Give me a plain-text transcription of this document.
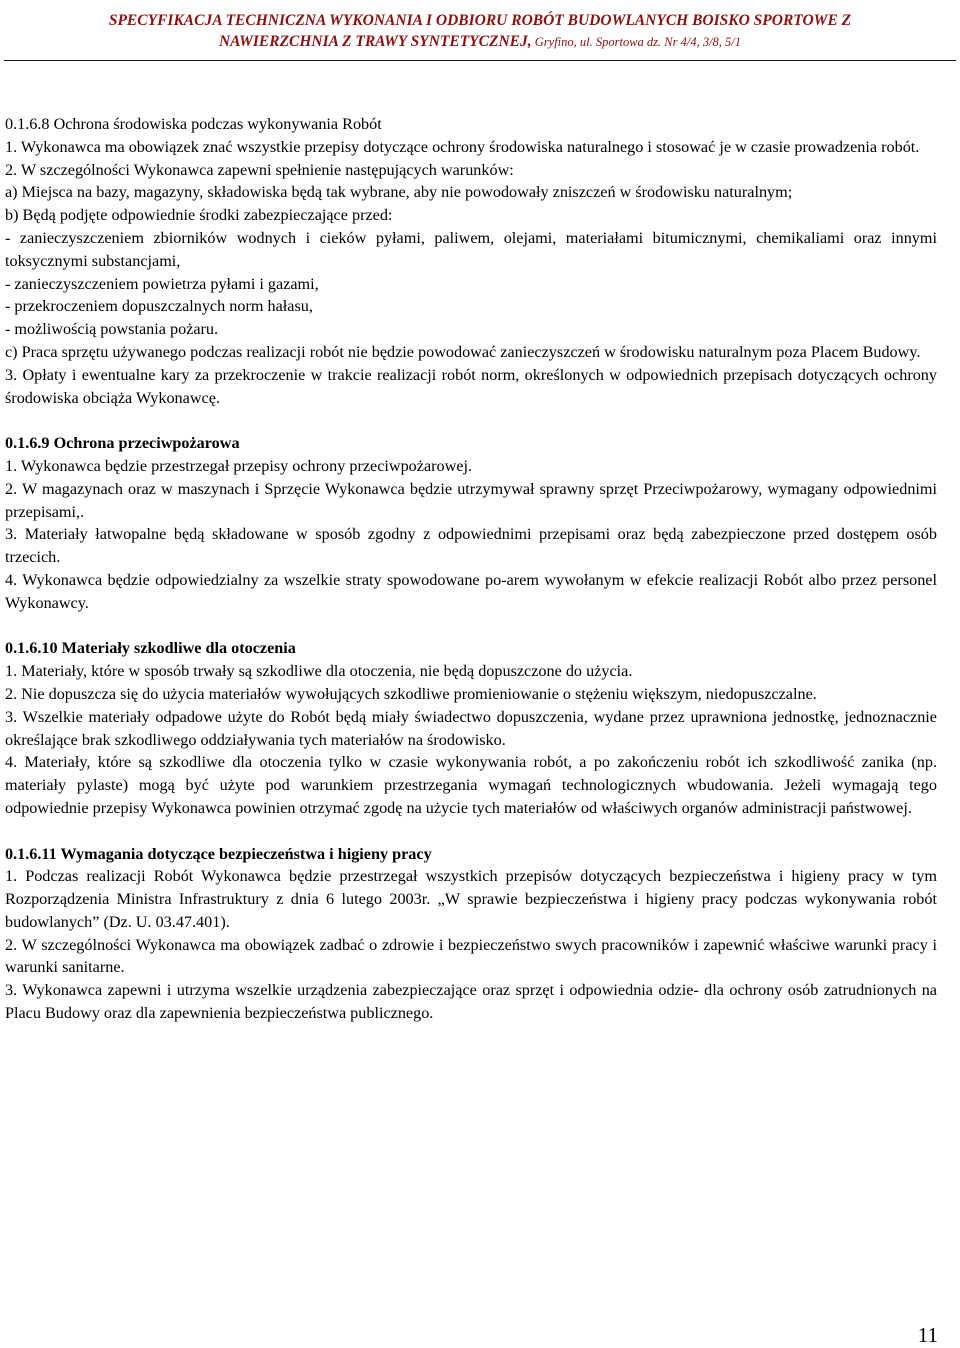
SPECYFIKACJA TECHNICZNA WYKONANIA I ODBIORU ROBÓT BUDOWLANYCH BOISKO SPORTOWE Z
NAWIERZCHNIA Z TRAWY SYNTETYCZNEJ, Gryfino, ul. Sportowa dz. Nr 4/4, 3/8, 5/1
0.1.6.8 Ochrona środowiska podczas wykonywania Robót

1. Wykonawca ma obowiązek znać wszystkie przepisy dotyczące ochrony środowiska naturalnego i stosować je w czasie prowadzenia robót.

2. W szczególności Wykonawca zapewni spełnienie następujących warunków:

a) Miejsca na bazy, magazyny, składowiska będą tak wybrane, aby nie powodowały zniszczeń w środowisku naturalnym;

b) Będą podjęte odpowiednie środki zabezpieczające przed:

- zanieczyszczeniem zbiorników wodnych i cieków pyłami, paliwem, olejami, materiałami bitumicznymi, chemikaliami oraz innymi toksycznymi substancjami,

- zanieczyszczeniem powietrza pyłami i gazami,

- przekroczeniem dopuszczalnych norm hałasu,

- możliwością powstania pożaru.

c) Praca sprzętu używanego podczas realizacji robót nie będzie powodować zanieczyszczeń w środowisku naturalnym poza Placem Budowy.

3. Opłaty i ewentualne kary za przekroczenie w trakcie realizacji robót norm, określonych w odpowiednich przepisach dotyczących ochrony środowiska obciąża Wykonawcę.

0.1.6.9 Ochrona przeciwpożarowa

1. Wykonawca będzie przestrzegał przepisy ochrony przeciwpożarowej.

2. W magazynach oraz w maszynach i Sprzęcie Wykonawca będzie utrzymywał sprawny sprzęt Przeciwpożarowy, wymagany odpowiednimi przepisami,.

3. Materiały łatwopalne będą składowane w sposób zgodny z odpowiednimi przepisami oraz będą zabezpieczone przed dostępem osób trzecich.

4. Wykonawca będzie odpowiedzialny za wszelkie straty spowodowane po-arem wywołanym w efekcie realizacji Robót albo przez personel Wykonawcy.

0.1.6.10 Materiały szkodliwe dla otoczenia

1. Materiały, które w sposób trwały są szkodliwe dla otoczenia, nie będą dopuszczone do użycia.

2. Nie dopuszcza się do użycia materiałów wywołujących szkodliwe promieniowanie o stężeniu większym, niedopuszczalne.

3. Wszelkie materiały odpadowe użyte do Robót będą miały świadectwo dopuszczenia, wydane przez uprawniona jednostkę, jednoznacznie określające brak szkodliwego oddziaływania tych materiałów na środowisko.

4. Materiały, które są szkodliwe dla otoczenia tylko w czasie wykonywania robót, a po zakończeniu robót ich szkodliwość zanika (np. materiały pylaste) mogą być użyte pod warunkiem przestrzegania wymagań technologicznych wbudowania. Jeżeli wymagają tego odpowiednie przepisy Wykonawca powinien otrzymać zgodę na użycie tych materiałów od właściwych organów administracji państwowej.

0.1.6.11 Wymagania dotyczące bezpieczeństwa i higieny pracy

1. Podczas realizacji Robót Wykonawca będzie przestrzegał wszystkich przepisów dotyczących bezpieczeństwa i higieny pracy w tym Rozporządzenia Ministra Infrastruktury z dnia 6 lutego 2003r. „W sprawie bezpieczeństwa i higieny pracy podczas wykonywania robót budowlanych” (Dz. U. 03.47.401).

2. W szczególności Wykonawca ma obowiązek zadbać o zdrowie i bezpieczeństwo swych pracowników i zapewnić właściwe warunki pracy i warunki sanitarne.

3. Wykonawca zapewni i utrzyma wszelkie urządzenia zabezpieczające oraz sprzęt i odpowiednia odzie- dla ochrony osób zatrudnionych na Placu Budowy oraz dla zapewnienia bezpieczeństwa publicznego.

11
